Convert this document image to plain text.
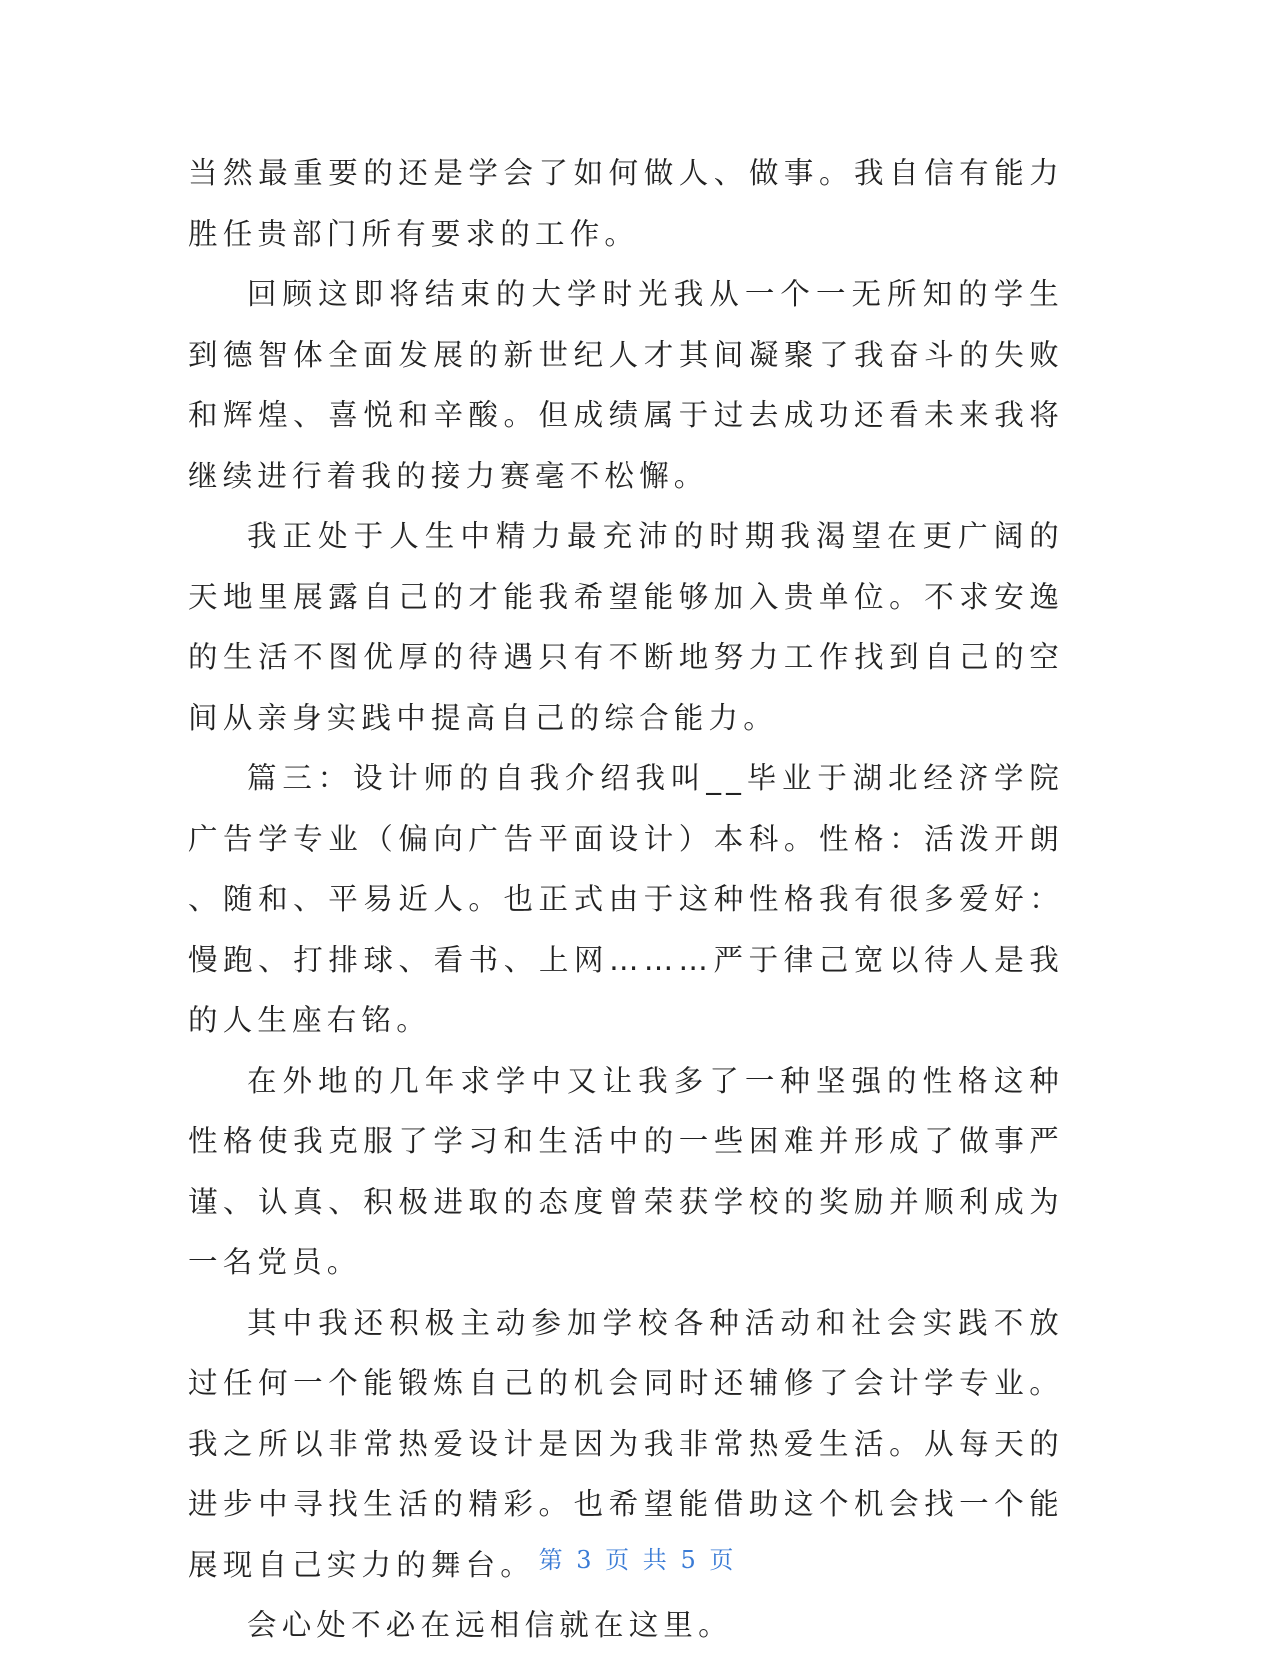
当然最重要的还是学会了如何做人、做事。我自信有能力胜任贵部门所有要求的工作。

回顾这即将结束的大学时光我从一个一无所知的学生到德智体全面发展的新世纪人才其间凝聚了我奋斗的失败和辉煌、喜悦和辛酸。但成绩属于过去成功还看未来我将继续进行着我的接力赛毫不松懈。

我正处于人生中精力最充沛的时期我渴望在更广阔的天地里展露自己的才能我希望能够加入贵单位。不求安逸的生活不图优厚的待遇只有不断地努力工作找到自己的空间从亲身实践中提高自己的综合能力。

篇三：设计师的自我介绍我叫__毕业于湖北经济学院广告学专业（偏向广告平面设计）本科。性格：活泼开朗、随和、平易近人。也正式由于这种性格我有很多爱好：慢跑、打排球、看书、上网………严于律己宽以待人是我的人生座右铭。

在外地的几年求学中又让我多了一种坚强的性格这种性格使我克服了学习和生活中的一些困难并形成了做事严谨、认真、积极进取的态度曾荣获学校的奖励并顺利成为一名党员。

其中我还积极主动参加学校各种活动和社会实践不放过任何一个能锻炼自己的机会同时还辅修了会计学专业。我之所以非常热爱设计是因为我非常热爱生活。从每天的进步中寻找生活的精彩。也希望能借助这个机会找一个能展现自己实力的舞台。

会心处不必在远相信就在这里。

第 3 页 共 5 页
